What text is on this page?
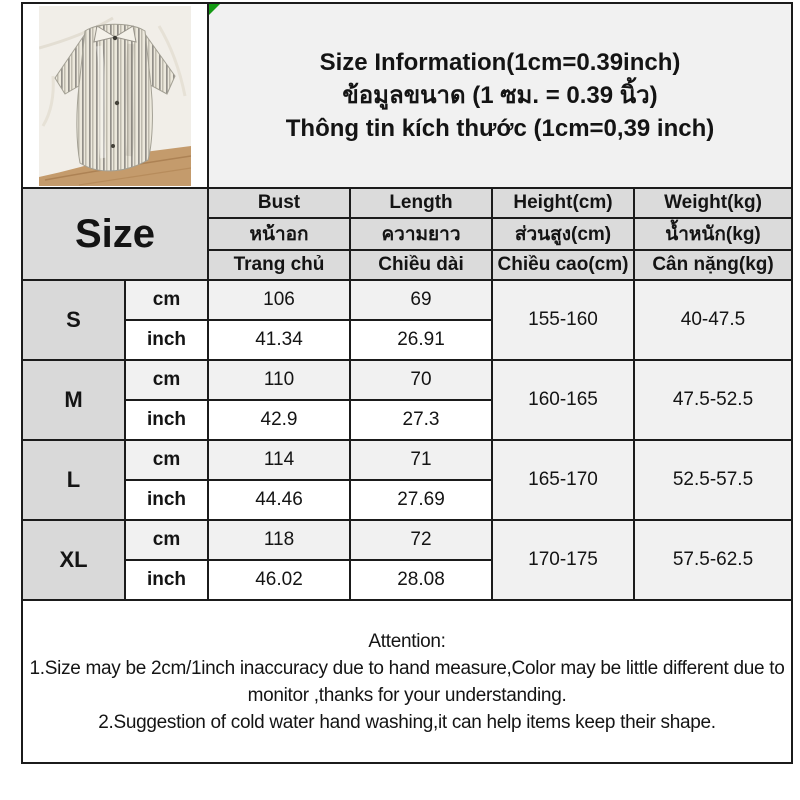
Size Information(1cm=0.39inch)
ข้อมูลขนาด (1 ซม. = 0.39 นิ้ว)
Thông tin kích thước (1cm=0,39 inch)			

Size		Bust	Length	Height(cm)	Weight(kg)
		หน้าอก	ความยาว	ส่วนสูง(cm)	น้ำหนัก(kg)
		Trang chủ	Chiều dài	Chiều cao(cm)	Cân nặng(kg)
S	cm	106	69	155-160	40-47.5
	inch	41.34	26.91		
M	cm	110	70	160-165	47.5-52.5
	inch	42.9	27.3		
L	cm	114	71	165-170	52.5-57.5
	inch	44.46	27.69		
XL	cm	118	72	170-175	57.5-62.5
	inch	46.02	28.08		

Attention:
1.Size may be 2cm/1inch inaccuracy due to hand measure,Color may be little different due to monitor ,thanks for your understanding.
2.Suggestion of cold water hand washing,it can help items keep their shape.					
